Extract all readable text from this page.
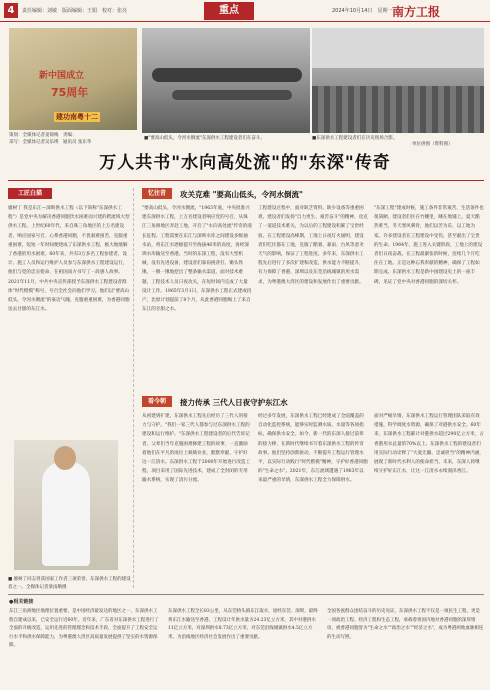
4	责任编辑：刘敏　版面编辑：王娟　校对：张亮	重点	2024年10月14日　星期一 南方工报
新中国成立
75周年
建功南粤十二
策划：全媒体记者姜锦梅　责编：
采写：全媒体记者吴乐瑛　通讯员 张东华
■"要高山低头，令河水倒流"东深供水工程建设者们在奋斗。	■东深供水工程建设者们在历史现场合影。
单位供图（资料图）
万人共书"水向高处流"的"东深"传奇
工匠白描
廖树丁 我是东江—深圳供水工程（以下简称"东深供水工程"）是党中央为解决香港同胞饮水困难而兴建的跨流域大型供水工程。上世纪60年代，来自珠三角地区的上万名建设者，响应国家号召，心系香港同胞，不畏艰难困苦，克服重重困难，短短一年时间便建成了东深供水工程，极大地缓解了香港的用水困难。60年来，共有3万多名工程参建者，设计、施工人员和运行维护人员参与东深供水工程建设运行，他们与党的忠实使命，在祖国南方书写了一段感人故事。2021年11月，中共中央宣传部授予东深供水工程建设者群体"时代楷模"称号，号召全社会向他们学习。他们以"要高山低头，令河水倒流"的豪迈气魄，克服重重困难，为香港同胞送去甘甜的东江水。
■ 廖树丁同志曾获国家工作者三项荣誉，东深供水工程的建设者之一。全媒体记者梁雨顺摄
忆往昔	攻关克难 "要高山低头，令河水倒流"
"要高山低头，令河水倒流。"1963年底，中央批准兴建东深供水工程，上万名建设者响应党的号召，从珠江三角洲地区奔赴工地，开启了"水向高处流"传奇的漫长征程。工程需要在东江与深圳水库之间建设多级抽水站，将东江水逐级提升至海拔46米的高度，再经深圳水库输送至香港。当时的东深工程，没有大型机械，没有先进设备，建设者们靠肩挑背扛、锄头铁锹，一锹一锹地挖出了整条输水渠道。面对技术难题，工程技术人员日夜攻关，在短时间内完成了大量设计工作。1965年3月1日，东深供水工程正式建成投产，比原计划提前了8个月，从此香港同胞喝上了来自东江的甘甜之水。
工程建设过程中，面对缺乏资料、缺少设备等重重困难，建设者们发扬"自力更生、艰苦奋斗"的精神，攻克了一道道技术难关，为以后的工程建设积累了宝贵经验。在工程建设高峰期，工地上日夜灯火通明，建设者们吃住都在工地，克服了酷暑、暴雨、台风等恶劣天气的影响，保证了工程进度。多年来，东深供水工程先后进行了多次扩建和改造，供水能力不断提升，有力保障了香港、深圳以及东莞沿线城镇的用水需求，为粤港澳大湾区的建设和发展作出了重要贡献。
"东深工程"建成时候，施工条件非常艰苦，生活条件也很简陋，建设者们住在竹棚里，睡在地铺上。夏天酷热难当，冬天寒风刺骨，他们以苦为乐，以工地为家。许多建设者在工程建设中受伤，甚至献出了宝贵的生命。1964年，施工进入关键阶段，工地上的建设者们日夜奋战，在工程最紧张的时候，连续几个月吃住在工地。正是这种忘我奉献的精神，确保了工程如期完成。东深供水工程是新中国建设史上的一座丰碑，见证了党中央对香港同胞的深切关怀。
看今朝	接力传承 三代人日夜守护东江水
从初建到扩建，东深供水工程先后经历了三代人的接力与守护。"我们一家三代人都参与过东深供水工程的建设和运行维护。"东深供水工程建设者的后代告诉记者，父辈们当年克服困难修建工程的故事，一直激励着他们在平凡的岗位上兢兢业业，默默奉献，守护好这一江清水。东深供水工程于2000年开始进行改造工程，项目采用了国际先进技术，建成了全封闭的专用输水系统，实现了清污分流。
经过多年发展，东深供水工程已经建成了全面覆盖的自动化监控系统，能够实时监测水质、水量等各项指标，确保供水安全。如今，新一代的东深人接过前辈的接力棒，在新时代继续书写着东深供水工程的传奇故事。他们坚持创新驱动，不断提升工程运行管理水平，以实际行动践行"时代楷模"精神，守护好香港同胞的"生命之水"。2021年，东江流域遭遇了1963年以来最严重的旱情，东深供水工程全力保障供水。
面对严峻旱情，东深供水工程运行管理团队采取有效措施，科学调度水资源，确保了对港供水安全。60年来，东深供水工程累计对港供水超过290亿立方米，占香港用水总量的70%以上。东深供水工程的建设者们用实际行动诠释了"大爱无疆、忠诚担当"的精神内涵，展现了新时代水利人的使命担当。未来，东深人将继续守护好东江水，让这一江清水永续润泽香江。
●相关链接
东江三角洲地区地理位置重要，是中国经济最发达的地区之一，东深供水工程自建成以来，已安全运行近60年。近年来，广东省对东深供水工程进行了全面的升级改造，运用先进的管理理念和技术手段，全面提升了工程安全运行水平和供水保障能力，为粤港澳大湾区高质量发展提供了坚实的水资源保障。
东深供水工程全长83公里，从东莞桥头镇东江取水，途经东莞、深圳，最终将东江水输送至香港。工程设计年供水量为24.23亿立方米，其中对港供水11亿立方米，对深圳供水8.73亿立方米，对东莞沿线城镇供水4.5亿立方米，为沿线地区经济社会发展作出了重要贡献。
全国各族群众团结奋斗的历史见证，东深供水工程不仅是一项民生工程，更是一项政治工程、经济工程和生态工程，承载着祖国内地对香港同胞的深厚情谊，被香港同胞誉为"生命之水""政治之水""经济之水"，成为粤港两地血脉相连的生动写照。
